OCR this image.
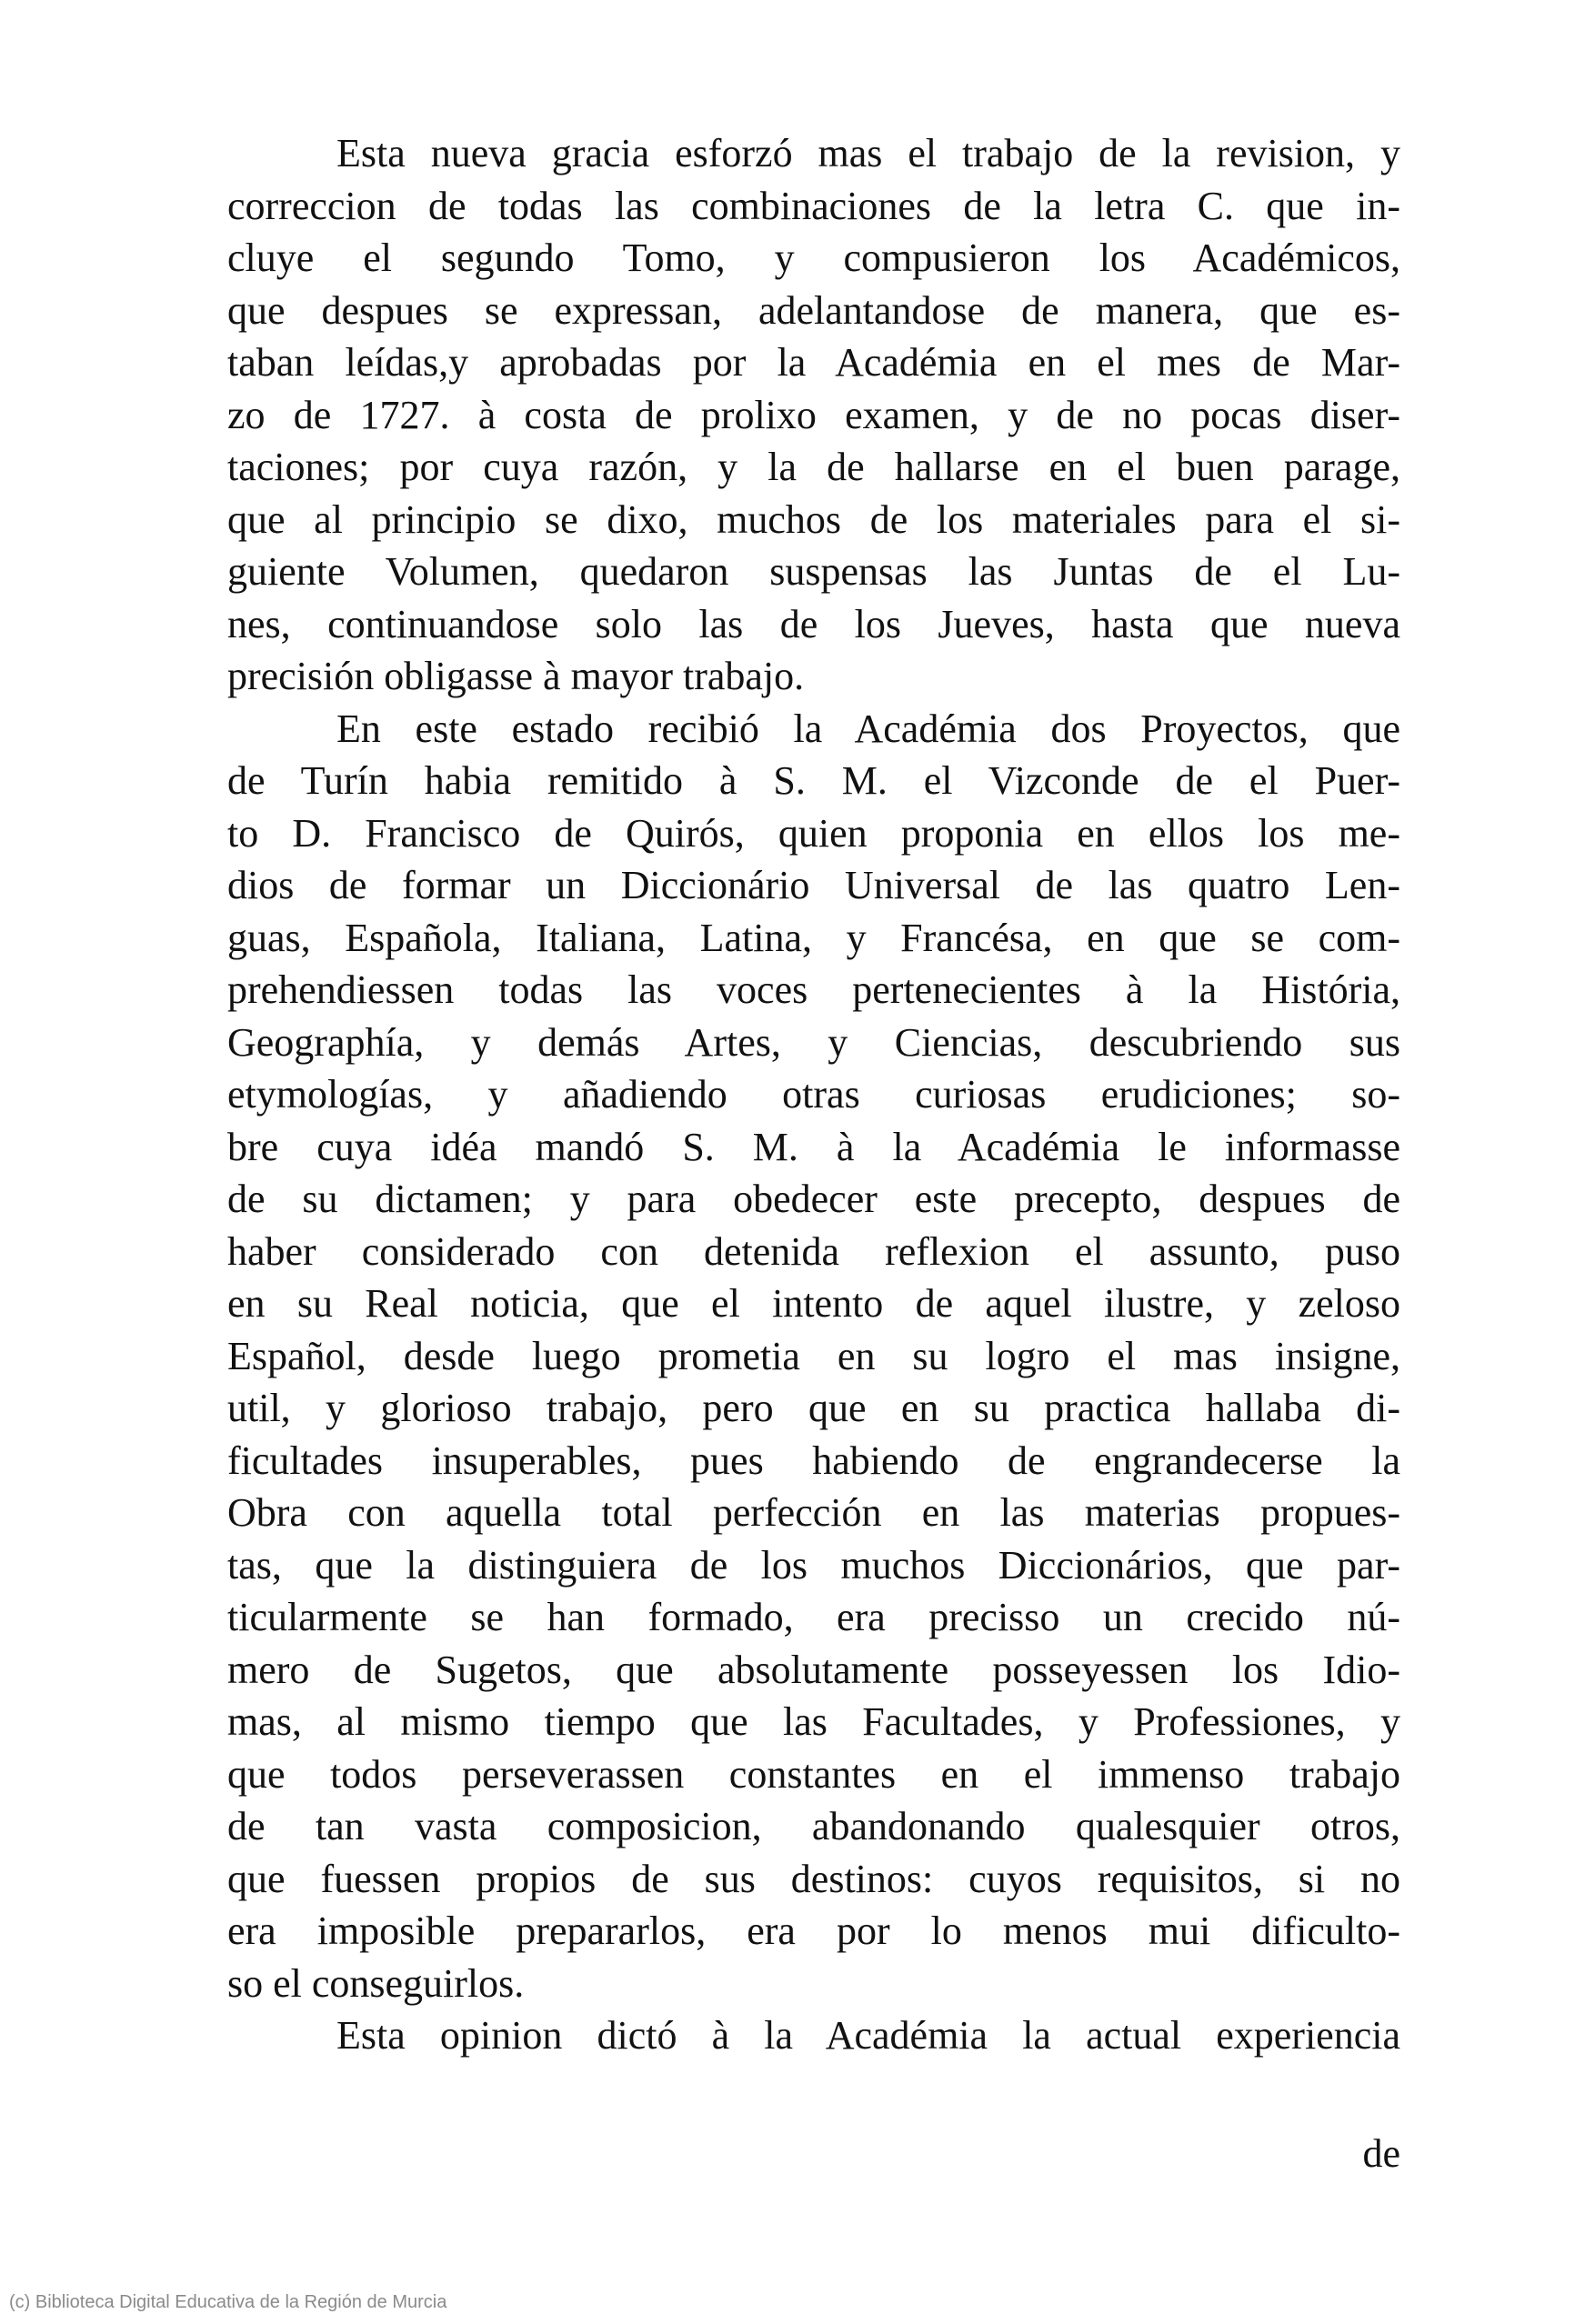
Esta nueva gracia esforzó mas el trabajo de la revision, y
correccion de todas las combinaciones de la letra C. que in-
cluye el segundo Tomo, y compusieron los Académicos,
que despues se expressan, adelantandose de manera, que es-
taban leídas,y aprobadas por la Académia en el mes de Mar-
zo de 1727. à costa de prolixo examen, y de no pocas diser-
taciones; por cuya razón, y la de hallarse en el buen parage,
que al principio se dixo, muchos de los materiales para el si-
guiente Volumen, quedaron suspensas las Juntas de el Lu-
nes, continuandose solo las de los Jueves, hasta que nueva
precisión obligasse à mayor trabajo.
En este estado recibió la Académia dos Proyectos, que
de Turín habia remitido à S. M. el Vizconde de el Puer-
to D. Francisco de Quirós, quien proponia en ellos los me-
dios de formar un Diccionário Universal de las quatro Len-
guas, Española, Italiana, Latina, y Francésa, en que se com-
prehendiessen todas las voces pertenecientes à la História,
Geographía, y demás Artes, y Ciencias, descubriendo sus
etymologías, y añadiendo otras curiosas erudiciones; so-
bre cuya idéa mandó S. M. à la Académia le informasse
de su dictamen; y para obedecer este precepto, despues de
haber considerado con detenida reflexion el assunto, puso
en su Real noticia, que el intento de aquel ilustre, y zeloso
Español, desde luego prometia en su logro el mas insigne,
util, y glorioso trabajo, pero que en su practica hallaba di-
ficultades insuperables, pues habiendo de engrandecerse la
Obra con aquella total perfección en las materias propues-
tas, que la distinguiera de los muchos Diccionários, que par-
ticularmente se han formado, era precisso un crecido nú-
mero de Sugetos, que absolutamente posseyessen los Idio-
mas, al mismo tiempo que las Facultades, y Professiones, y
que todos perseverassen constantes en el immenso trabajo
de tan vasta composicion, abandonando qualesquier otros,
que fuessen propios de sus destinos: cuyos requisitos, si no
era imposible prepararlos, era por lo menos mui dificulto-
so el conseguirlos.
Esta opinion dictó à la Académia la actual experiencia
de
(c) Biblioteca Digital Educativa de la Región de Murcia
